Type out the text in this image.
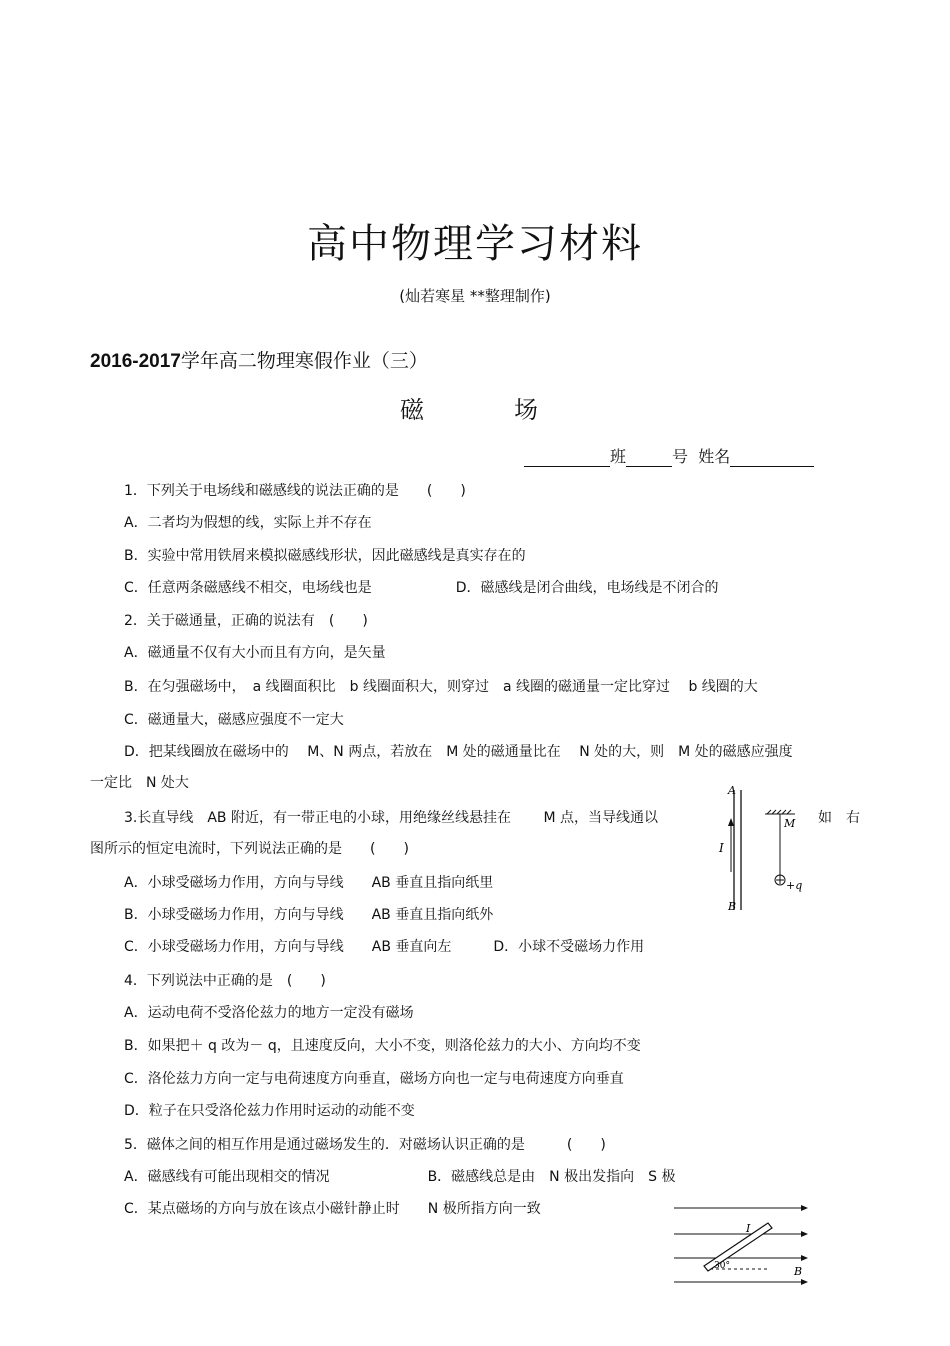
高中物理学习材料
(灿若寒星 **整理制作)
2016-2017学年高二物理寒假作业（三）
磁	场
班	号 姓名
1．下列关于电场线和磁感线的说法正确的是　　(　　)
A．二者均为假想的线，实际上并不存在
B．实验中常用铁屑来模拟磁感线形状，因此磁感线是真实存在的
C．任意两条磁感线不相交，电场线也是　　　　　　D．磁感线是闭合曲线，电场线是不闭合的
2．关于磁通量，正确的说法有　(　　)
A．磁通量不仅有大小而且有方向，是矢量
B．在匀强磁场中，　a 线圈面积比　b 线圈面积大，则穿过　a 线圈的磁通量一定比穿过　 b 线圈的大
C．磁通量大，磁感应强度不一定大
D．把某线圈放在磁场中的　 M、N 两点，若放在　M 处的磁通量比在　 N 处的大，则　M 处的磁感应强度
一定比　N 处大
3.长直导线　AB 附近，有一带正电的小球，用绝缘丝线悬挂在　　 M 点，当导线通以	如　右
图所示的恒定电流时，下列说法正确的是　　(　　)
A．小球受磁场力作用，方向与导线　　AB 垂直且指向纸里
B．小球受磁场力作用，方向与导线　　AB 垂直且指向纸外
C．小球受磁场力作用，方向与导线　　AB 垂直向左　　　D．小球不受磁场力作用
4．下列说法中正确的是　(　　)
A．运动电荷不受洛伦兹力的地方一定没有磁场
B．如果把＋ q 改为－ q，且速度反向，大小不变，则洛伦兹力的大小、方向均不变
C．洛伦兹力方向一定与电荷速度方向垂直，磁场方向也一定与电荷速度方向垂直
D．粒子在只受洛伦兹力作用时运动的动能不变
5．磁体之间的相互作用是通过磁场发生的．对磁场认识正确的是　　　(　　)
A．磁感线有可能出现相交的情况　　　　　　　B．磁感线总是由　N 极出发指向　S 极
C．某点磁场的方向与放在该点小磁针静止时　　N 极所指方向一致
A
B
I
M
+q
I
30°	B
